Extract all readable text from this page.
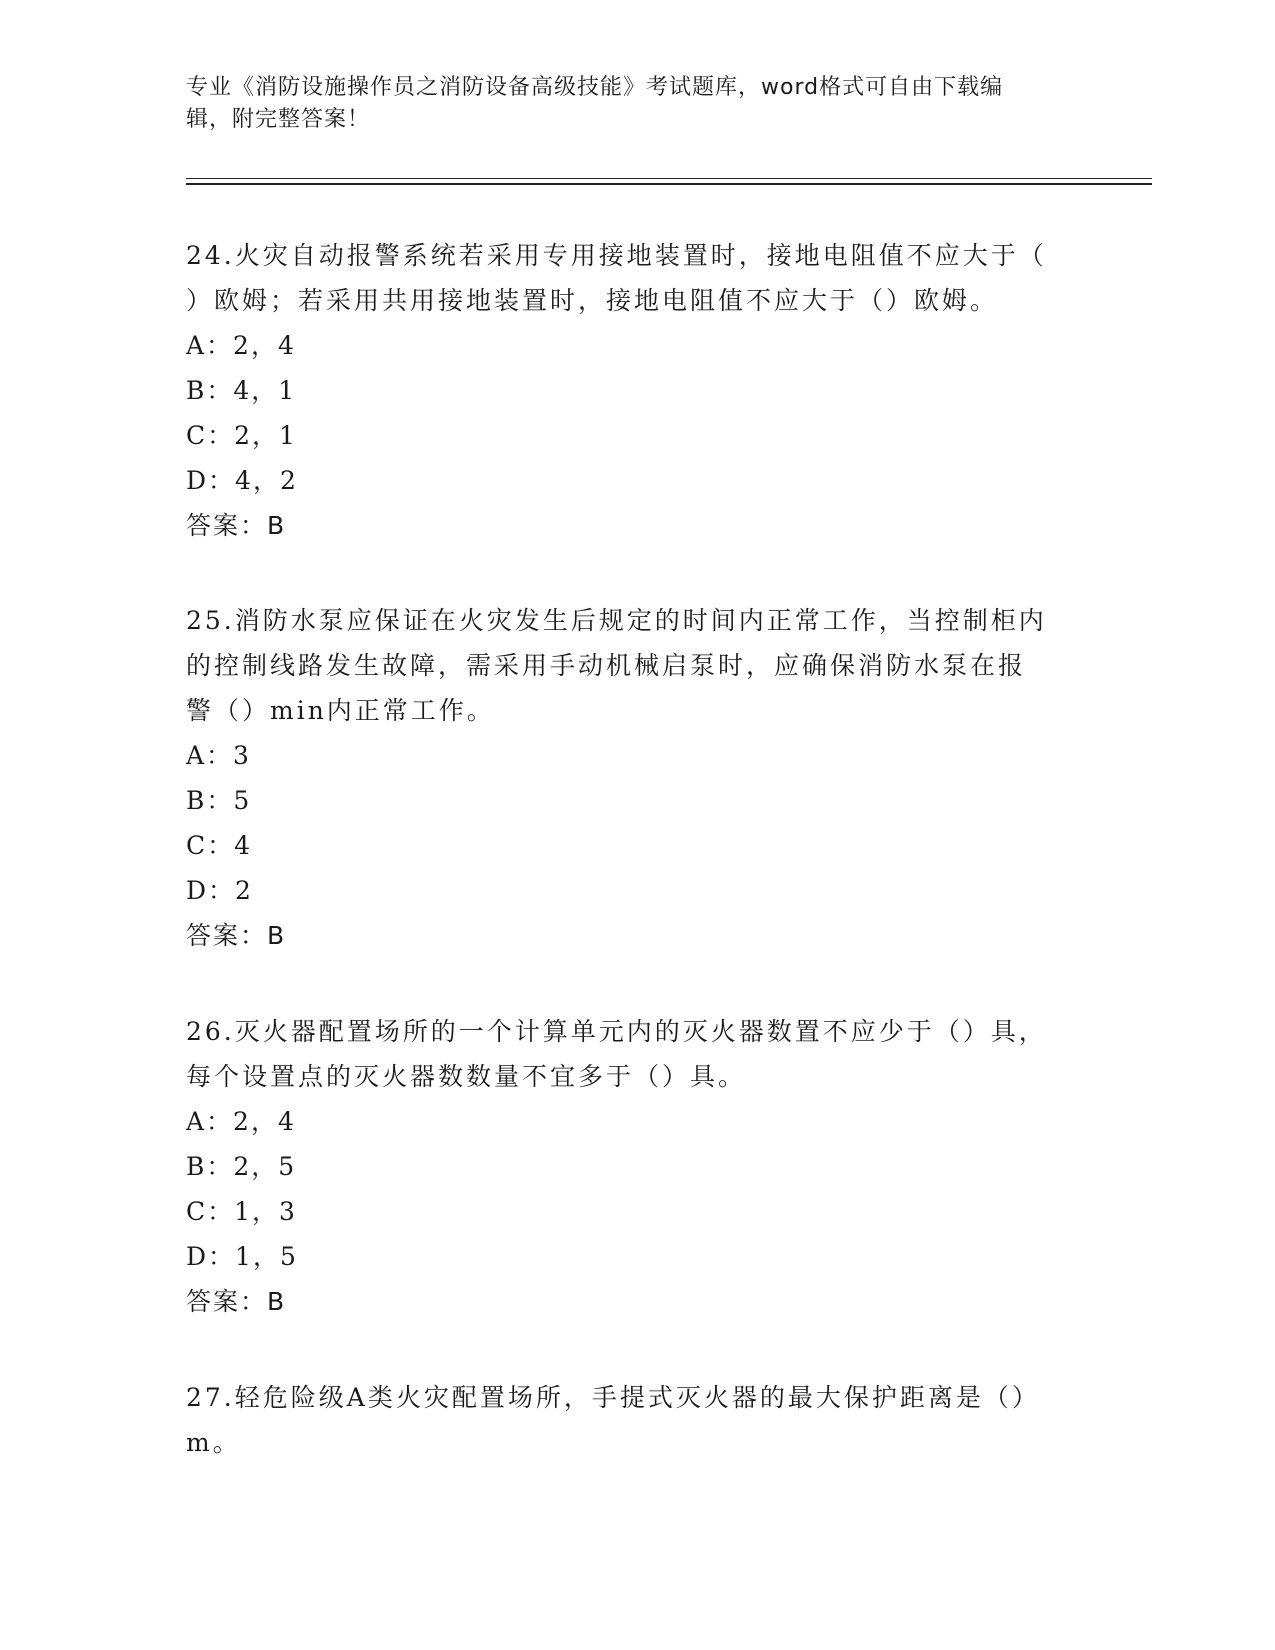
专业《消防设施操作员之消防设备高级技能》考试题库，word格式可自由下载编
辑，附完整答案！

24.火灾自动报警系统若采用专用接地装置时，接地电阻值不应大于（

）欧姆；若采用共用接地装置时，接地电阻值不应大于（）欧姆。

A：2，4

B：4，1

C：2，1

D：4，2

答案：B

25.消防水泵应保证在火灾发生后规定的时间内正常工作，当控制柜内

的控制线路发生故障，需采用手动机械启泵时，应确保消防水泵在报

警（）min内正常工作。

A：3

B：5

C：4

D：2

答案：B

26.灭火器配置场所的一个计算单元内的灭火器数置不应少于（）具，

每个设置点的灭火器数数量不宜多于（）具。

A：2，4

B：2，5

C：1，3

D：1，5

答案：B

27.轻危险级A类火灾配置场所，手提式灭火器的最大保护距离是（）

m。
